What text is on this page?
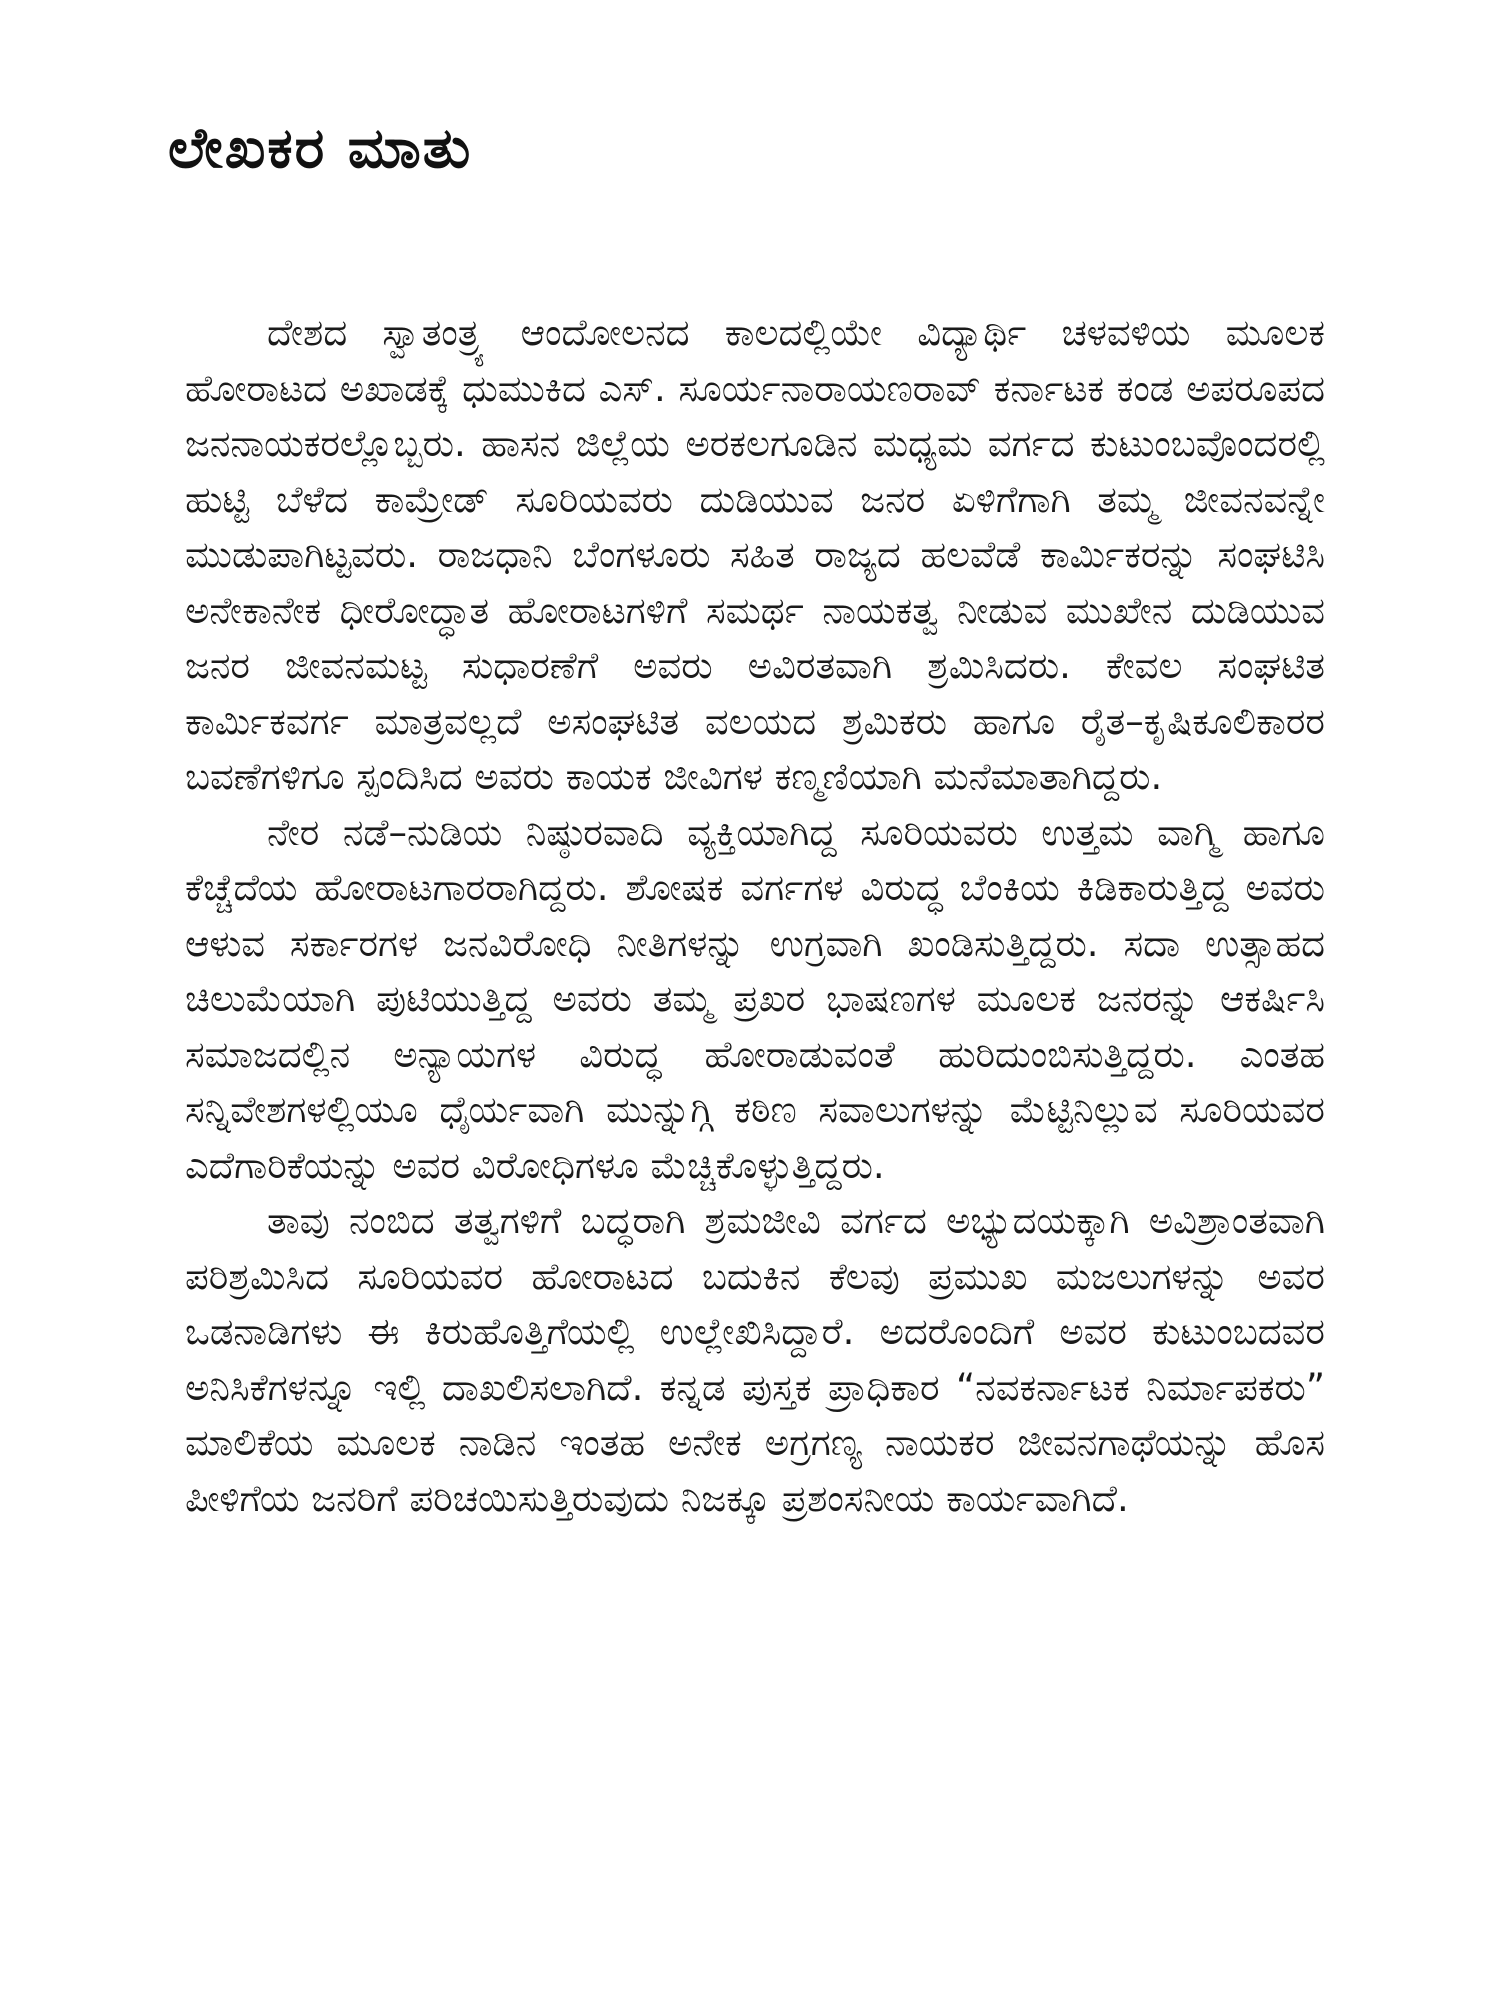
ಲೇಖಕರ ಮಾತು

ದೇಶದ ಸ್ವಾತಂತ್ರ್ಯ ಆಂದೋಲನದ ಕಾಲದಲ್ಲಿಯೇ ವಿದ್ಯಾರ್ಥಿ ಚಳವಳಿಯ ಮೂಲಕ ಹೋರಾಟದ ಅಖಾಡಕ್ಕೆ ಧುಮುಕಿದ ಎಸ್. ಸೂರ್ಯನಾರಾಯಣರಾವ್ ಕರ್ನಾಟಕ ಕಂಡ ಅಪರೂಪದ ಜನನಾಯಕರಲ್ಲೊಬ್ಬರು. ಹಾಸನ ಜಿಲ್ಲೆಯ ಅರಕಲಗೂಡಿನ ಮಧ್ಯಮ ವರ್ಗದ ಕುಟುಂಬವೊಂದರಲ್ಲಿ ಹುಟ್ಟಿ ಬೆಳೆದ ಕಾಮ್ರೇಡ್ ಸೂರಿಯವರು ದುಡಿಯುವ ಜನರ ಏಳಿಗೆಗಾಗಿ ತಮ್ಮ ಜೀವನವನ್ನೇ ಮುಡುಪಾಗಿಟ್ಟವರು. ರಾಜಧಾನಿ ಬೆಂಗಳೂರು ಸಹಿತ ರಾಜ್ಯದ ಹಲವೆಡೆ ಕಾರ್ಮಿಕರನ್ನು ಸಂಘಟಿಸಿ ಅನೇಕಾನೇಕ ಧೀರೋದ್ಧಾತ ಹೋರಾಟಗಳಿಗೆ ಸಮರ್ಥ ನಾಯಕತ್ವ ನೀಡುವ ಮುಖೇನ ದುಡಿಯುವ ಜನರ ಜೀವನಮಟ್ಟ ಸುಧಾರಣೆಗೆ ಅವರು ಅವಿರತವಾಗಿ ಶ್ರಮಿಸಿದರು. ಕೇವಲ ಸಂಘಟಿತ ಕಾರ್ಮಿಕವರ್ಗ ಮಾತ್ರವಲ್ಲದೆ ಅಸಂಘಟಿತ ವಲಯದ ಶ್ರಮಿಕರು ಹಾಗೂ ರೈತ–ಕೃಷಿಕೂಲಿಕಾರರ ಬವಣೆಗಳಿಗೂ ಸ್ಪಂದಿಸಿದ ಅವರು ಕಾಯಕ ಜೀವಿಗಳ ಕಣ್ಮಣಿಯಾಗಿ ಮನೆಮಾತಾಗಿದ್ದರು.

ನೇರ ನಡೆ–ನುಡಿಯ ನಿಷ್ಠುರವಾದಿ ವ್ಯಕ್ತಿಯಾಗಿದ್ದ ಸೂರಿಯವರು ಉತ್ತಮ ವಾಗ್ಮಿ ಹಾಗೂ ಕೆಚ್ಚೆದೆಯ ಹೋರಾಟಗಾರರಾಗಿದ್ದರು. ಶೋಷಕ ವರ್ಗಗಳ ವಿರುದ್ಧ ಬೆಂಕಿಯ ಕಿಡಿಕಾರುತ್ತಿದ್ದ ಅವರು ಆಳುವ ಸರ್ಕಾರಗಳ ಜನವಿರೋಧಿ ನೀತಿಗಳನ್ನು ಉಗ್ರವಾಗಿ ಖಂಡಿಸುತ್ತಿದ್ದರು. ಸದಾ ಉತ್ಸಾಹದ ಚಿಲುಮೆಯಾಗಿ ಪುಟಿಯುತ್ತಿದ್ದ ಅವರು ತಮ್ಮ ಪ್ರಖರ ಭಾಷಣಗಳ ಮೂಲಕ ಜನರನ್ನು ಆಕರ್ಷಿಸಿ ಸಮಾಜದಲ್ಲಿನ ಅನ್ಯಾಯಗಳ ವಿರುದ್ಧ ಹೋರಾಡುವಂತೆ ಹುರಿದುಂಬಿಸುತ್ತಿದ್ದರು. ಎಂತಹ ಸನ್ನಿವೇಶಗಳಲ್ಲಿಯೂ ಧೈರ್ಯವಾಗಿ ಮುನ್ನುಗ್ಗಿ ಕಠಿಣ ಸವಾಲುಗಳನ್ನು ಮೆಟ್ಟಿನಿಲ್ಲುವ ಸೂರಿಯವರ ಎದೆಗಾರಿಕೆಯನ್ನು ಅವರ ವಿರೋಧಿಗಳೂ ಮೆಚ್ಚಿಕೊಳ್ಳುತ್ತಿದ್ದರು.

ತಾವು ನಂಬಿದ ತತ್ವಗಳಿಗೆ ಬದ್ಧರಾಗಿ ಶ್ರಮಜೀವಿ ವರ್ಗದ ಅಭ್ಯುದಯಕ್ಕಾಗಿ ಅವಿಶ್ರಾಂತವಾಗಿ ಪರಿಶ್ರಮಿಸಿದ ಸೂರಿಯವರ ಹೋರಾಟದ ಬದುಕಿನ ಕೆಲವು ಪ್ರಮುಖ ಮಜಲುಗಳನ್ನು ಅವರ ಒಡನಾಡಿಗಳು ಈ ಕಿರುಹೊತ್ತಿಗೆಯಲ್ಲಿ ಉಲ್ಲೇಖಿಸಿದ್ದಾರೆ. ಅದರೊಂದಿಗೆ ಅವರ ಕುಟುಂಬದವರ ಅನಿಸಿಕೆಗಳನ್ನೂ ಇಲ್ಲಿ ದಾಖಲಿಸಲಾಗಿದೆ. ಕನ್ನಡ ಪುಸ್ತಕ ಪ್ರಾಧಿಕಾರ “ನವಕರ್ನಾಟಕ ನಿರ್ಮಾಪಕರು” ಮಾಲಿಕೆಯ ಮೂಲಕ ನಾಡಿನ ಇಂತಹ ಅನೇಕ ಅಗ್ರಗಣ್ಯ ನಾಯಕರ ಜೀವನಗಾಥೆಯನ್ನು ಹೊಸ ಪೀಳಿಗೆಯ ಜನರಿಗೆ ಪರಿಚಯಿಸುತ್ತಿರುವುದು ನಿಜಕ್ಕೂ ಪ್ರಶಂಸನೀಯ ಕಾರ್ಯವಾಗಿದೆ.
